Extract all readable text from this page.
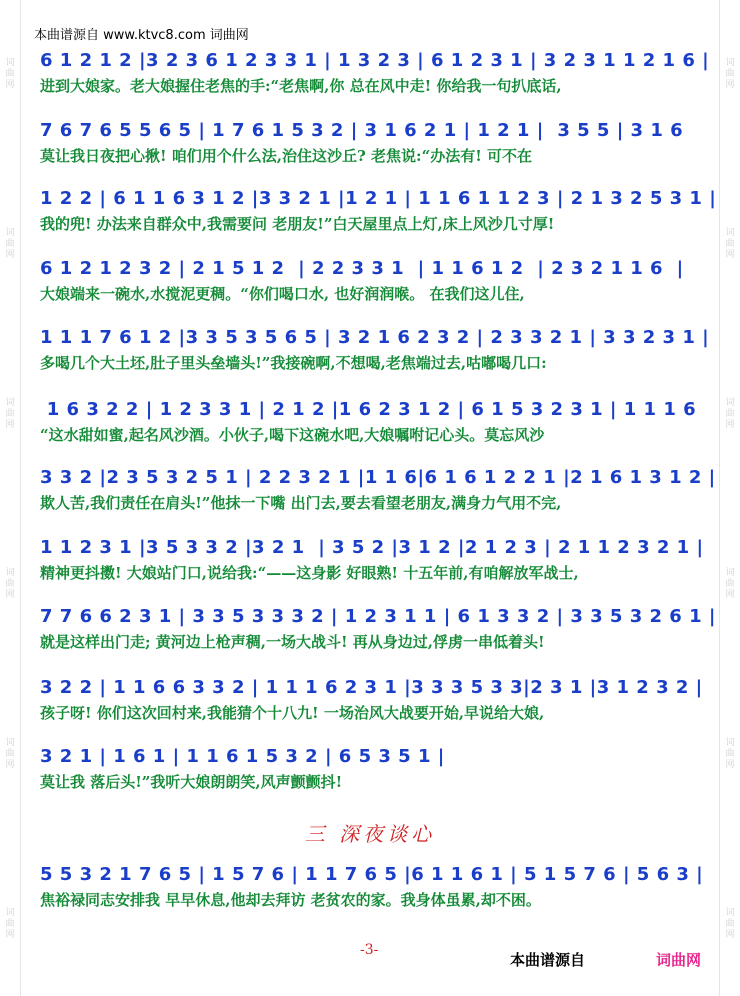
词
曲
网
词
曲
网
词
曲
网
词
曲
网
词
曲
网
词
曲
网
词
曲
网
词
曲
网
词
曲
网
词
曲
网
词
曲
网
词
曲
网
本曲谱源自 www.ktvc8.com 词曲网
6 1 2 1 2 |3 2 3 6 1 2 3 3 1 | 1 3 2 3 | 6 1 2 3 1 | 3 2 3 1 1 2 1 6 |
进到大娘家。老大娘握住老焦的手:“老焦啊,你 总在风中走! 你给我一句扒底话,
7 6 7 6 5 5 6 5 | 1 7 6 1 5 3 2 | 3 1 6 2 1 | 1 2 1 |  3 5 5 | 3 1 6
莫让我日夜把心揪! 咱们用个什么法,治住这沙丘? 老焦说:“办法有! 可不在
1 2 2 | 6 1 1 6 3 1 2 |3 3 2 1 |1 2 1 | 1 1 6 1 1 2 3 | 2 1 3 2 5 3 1 |
我的兜! 办法来自群众中,我需要问 老朋友!”白天屋里点上灯,床上风沙几寸厚!
6 1 2 1 2 3 2 | 2 1 5 1 2  | 2 2 3 3 1  | 1 1 6 1 2  | 2 3 2 1 1 6  |
大娘端来一碗水,水搅泥更稠。“你们喝口水, 也好润润喉。 在我们这儿住,
1 1 1 7 6 1 2 |3 3 5 3 5 6 5 | 3 2 1 6 2 3 2 | 2 3 3 2 1 | 3 3 2 3 1 |
多喝几个大土坯,肚子里头垒墙头!”我接碗啊,不想喝,老焦端过去,咕嘟喝几口:
1 6 3 2 2 | 1 2 3 3 1 | 2 1 2 |1 6 2 3 1 2 | 6 1 5 3 2 3 1 | 1 1 1 6
“这水甜如蜜,起名风沙酒。小伙子,喝下这碗水吧,大娘嘱咐记心头。莫忘风沙
3 3 2 |2 3 5 3 2 5 1 | 2 2 3 2 1 |1 1 6|6 1 6 1 2 2 1 |2 1 6 1 3 1 2 |
欺人苦,我们责任在肩头!”他抹一下嘴 出门去,要去看望老朋友,满身力气用不完,
1 1 2 3 1 |3 5 3 3 2 |3 2 1  | 3 5 2 |3 1 2 |2 1 2 3 | 2 1 1 2 3 2 1 |
精神更抖擞! 大娘站门口,说给我:“——这身影 好眼熟! 十五年前,有咱解放军战士,
7 7 6 6 2 3 1 | 3 3 5 3 3 3 2 | 1 2 3 1 1 | 6 1 3 3 2 | 3 3 5 3 2 6 1 |
就是这样出门走; 黄河边上枪声稠,一场大战斗! 再从身边过,俘虏一串低着头!
3 2 2 | 1 1 6 6 3 3 2 | 1 1 1 6 2 3 1 |3 3 3 5 3 3|2 3 1 |3 1 2 3 2 |
孩子呀! 你们这次回村来,我能猜个十八九! 一场治风大战要开始,早说给大娘,
3 2 1 | 1 6 1 | 1 1 6 1 5 3 2 | 6 5 3 5 1 |
莫让我 落后头!”我听大娘朗朗笑,风声颤颤抖!
三 深夜谈心
5 5 3 2 1 7 6 5 | 1 5 7 6 | 1 1 7 6 5 |6 1 1 6 1 | 5 1 5 7 6 | 5 6 3 |
焦裕禄同志安排我 早早休息,他却去拜访 老贫农的家。我身体虽累,却不困。
-3-
本曲谱源自	词曲网
